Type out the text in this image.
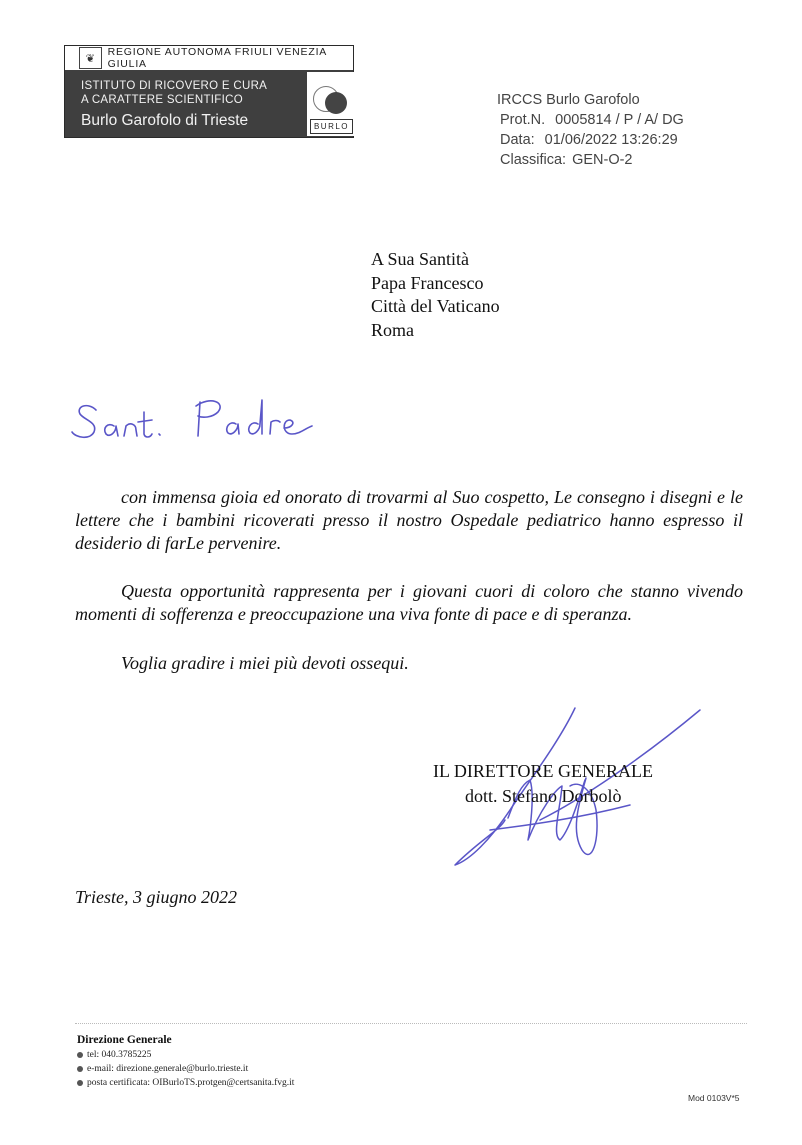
❦	REGIONE AUTONOMA FRIULI VENEZIA GIULIA
ISTITUTO DI RICOVERO E CURA
A CARATTERE SCIENTIFICO
Burlo Garofolo di Trieste	BURLO
IRCCS Burlo Garofolo
Prot.N. 0005814 / P / A/ DG
Data: 01/06/2022 13:26:29
Classifica: GEN-O-2
A Sua Santità
Papa Francesco
Città del Vaticano
Roma
con immensa gioia ed onorato di trovarmi al Suo cospetto, Le consegno i disegni e le lettere che i bambini ricoverati presso il nostro Ospedale pediatrico hanno espresso il desiderio di farLe pervenire.
Questa opportunità rappresenta per i giovani cuori di coloro che stanno vivendo momenti di sofferenza e preoccupazione una viva fonte di pace e di speranza.
Voglia gradire i miei più devoti ossequi.
IL DIRETTORE GENERALE
dott. Stefano Dorbolò
Trieste, 3 giugno 2022
Direzione Generale
tel: 040.3785225
e-mail: direzione.generale@burlo.trieste.it
posta certificata: OIBurloTS.protgen@certsanita.fvg.it
Mod 0103V*5
